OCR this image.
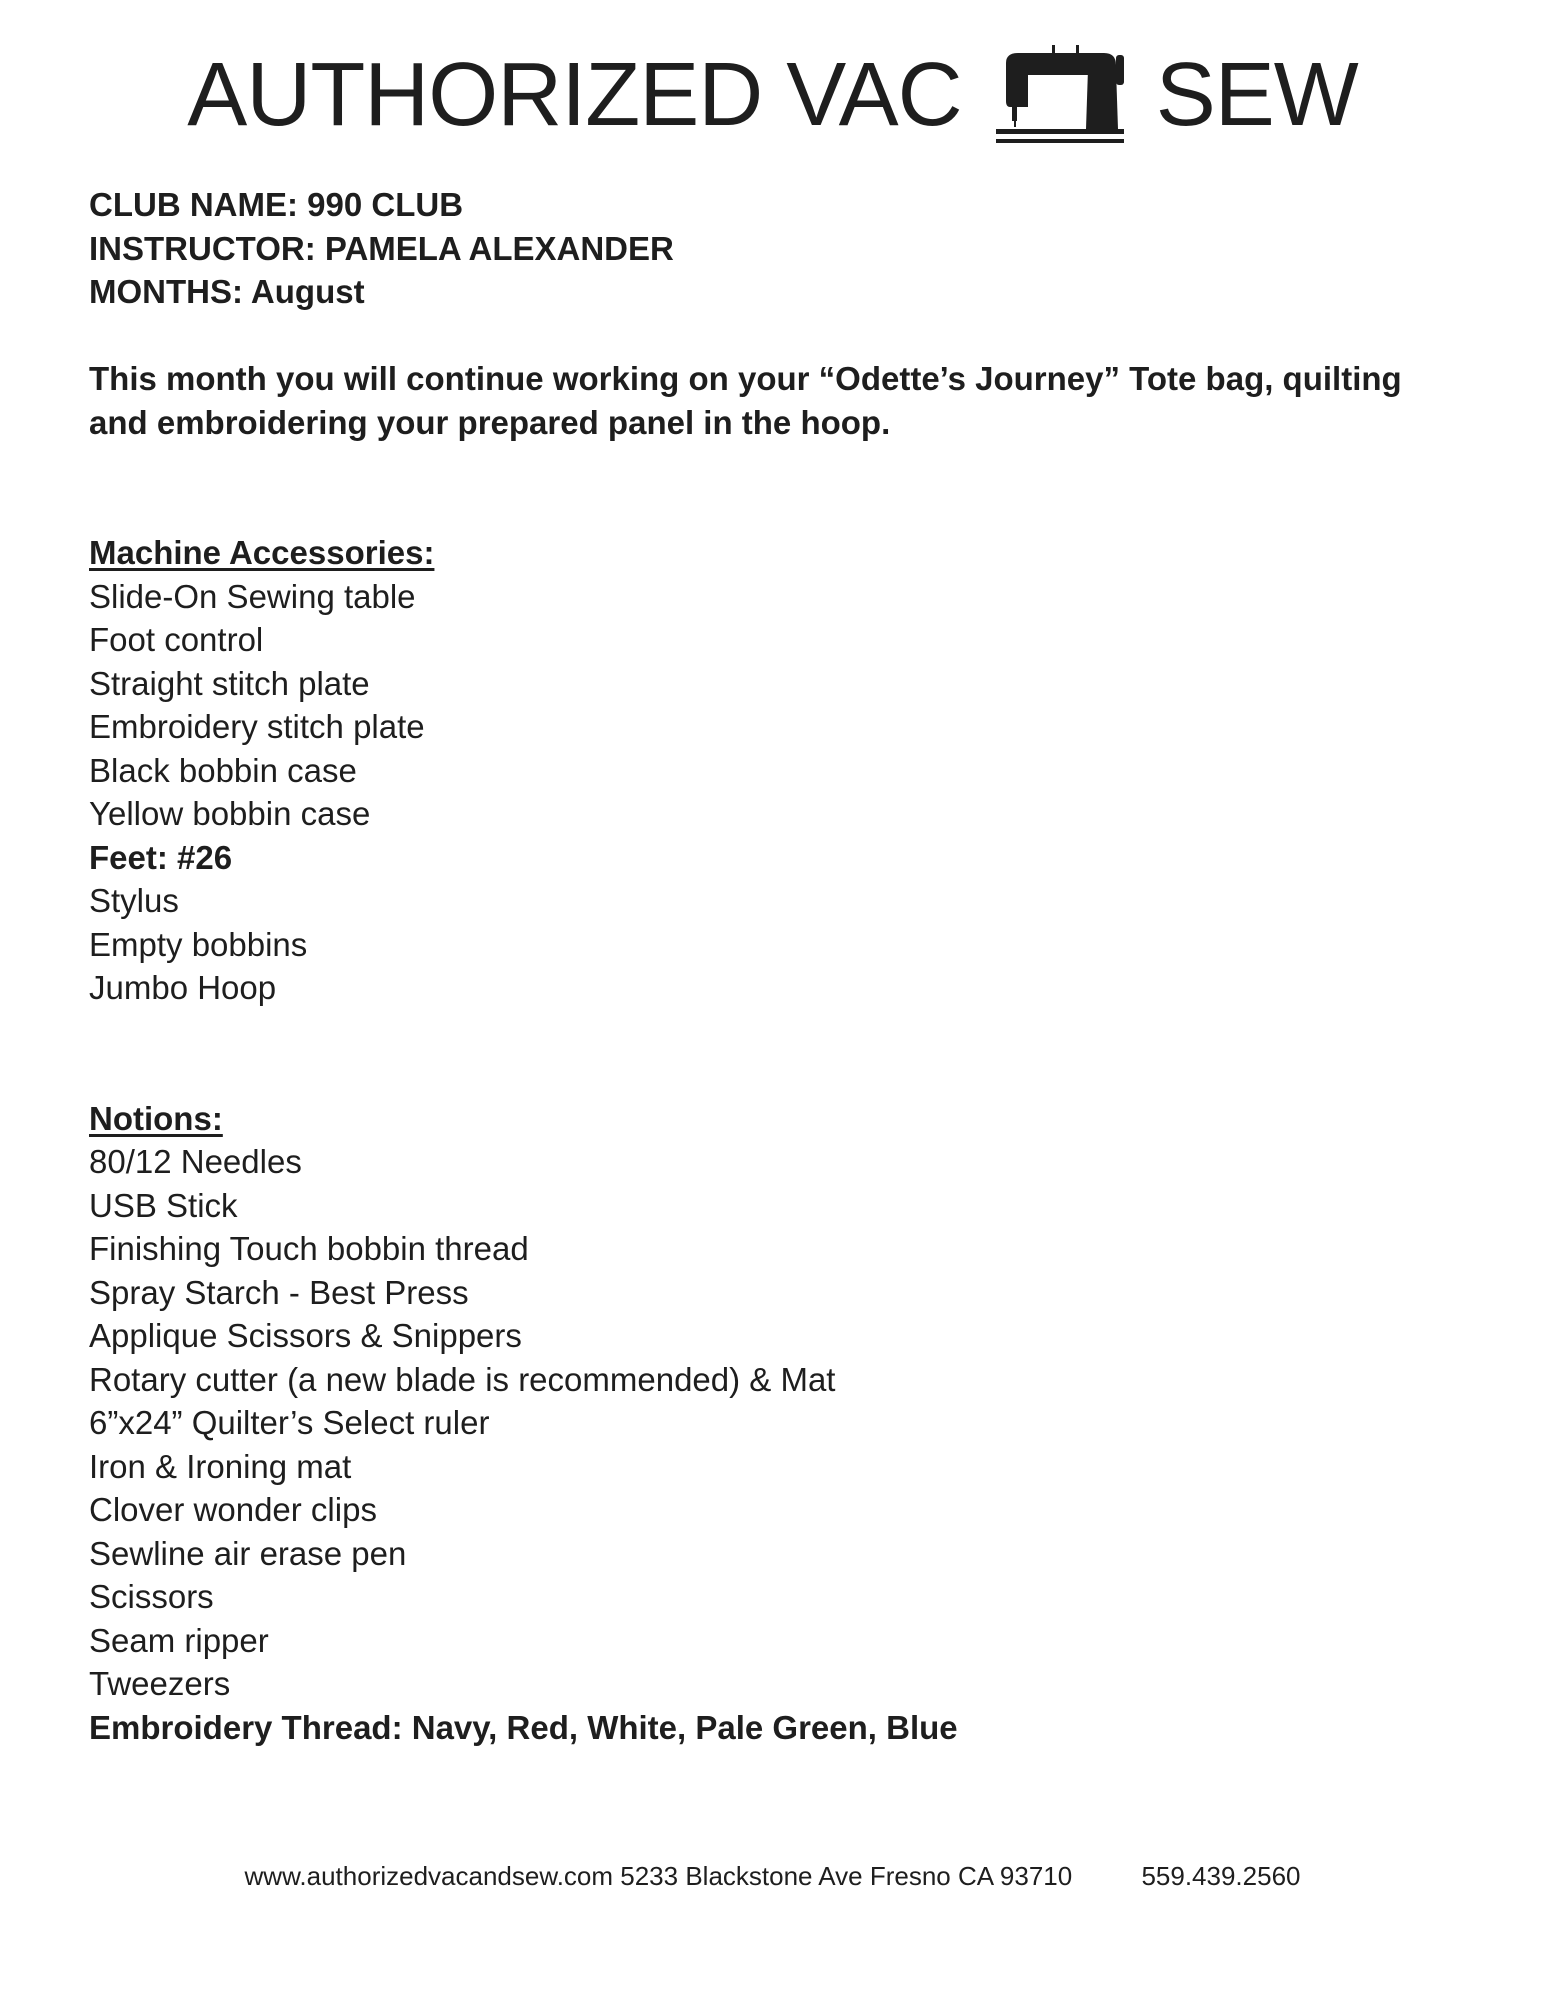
AUTHORIZED VAC SEW

CLUB NAME: 990 CLUB

INSTRUCTOR: PAMELA ALEXANDER

MONTHS: August

This month you will continue working on your “Odette’s Journey” Tote bag, quilting and embroidering your prepared panel in the hoop.

Machine Accessories:
Slide-On Sewing table
Foot control
Straight stitch plate
Embroidery stitch plate
Black bobbin case
Yellow bobbin case
Feet: #26
Stylus
Empty bobbins
Jumbo Hoop
Notions:
80/12 Needles
USB Stick
Finishing Touch bobbin thread
Spray Starch - Best Press
Applique Scissors & Snippers
Rotary cutter (a new blade is recommended) & Mat
6”x24” Quilter’s Select ruler
Iron & Ironing mat
Clover wonder clips
Sewline air erase pen
Scissors
Seam ripper
Tweezers
Embroidery Thread: Navy, Red, White, Pale Green, Blue
www.authorizedvacandsew.com 5233 Blackstone Ave Fresno CA 93710	559.439.2560
